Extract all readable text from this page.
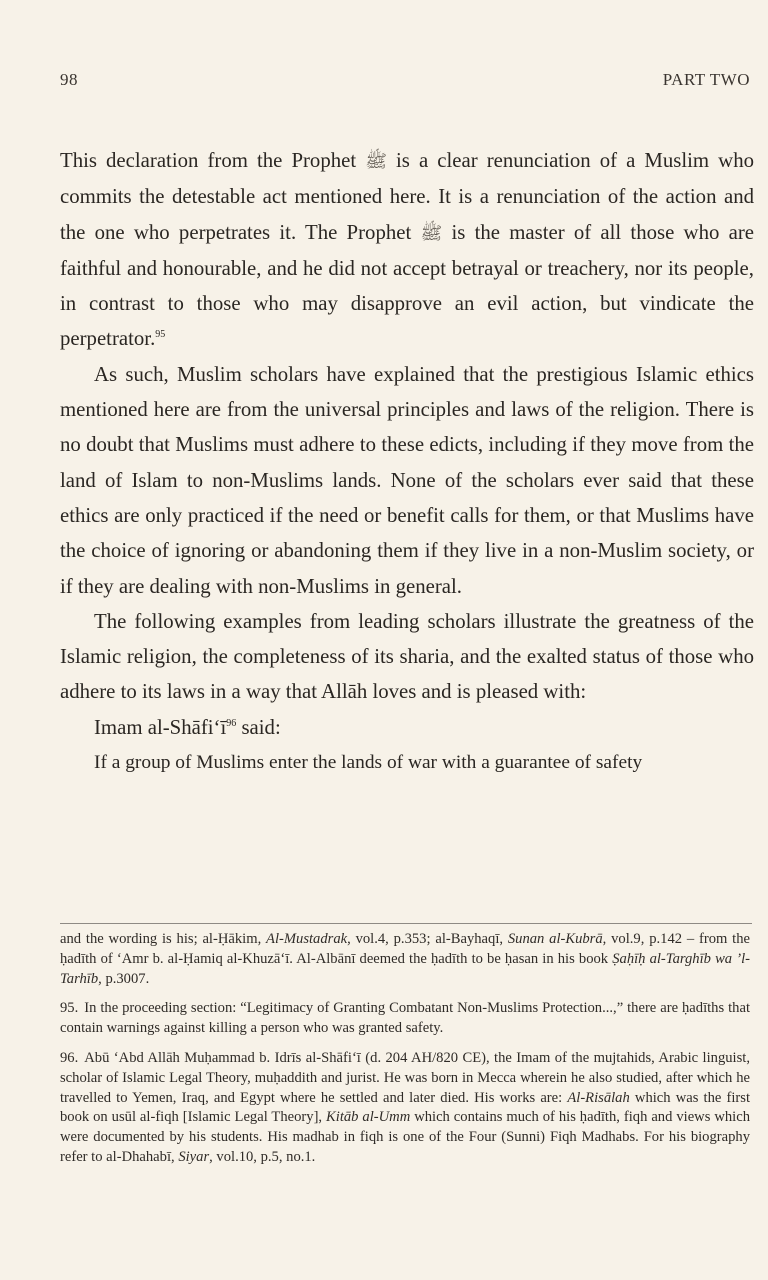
98	PART TWO

This declaration from the Prophet ﷺ is a clear renunciation of a Muslim who commits the detestable act mentioned here. It is a renunciation of the action and the one who perpetrates it. The Prophet ﷺ is the master of all those who are faithful and honourable, and he did not accept betrayal or treachery, nor its people, in contrast to those who may disapprove an evil action, but vindicate the perpetrator.$^{95}$

As such, Muslim scholars have explained that the prestigious Islamic ethics mentioned here are from the universal principles and laws of the religion. There is no doubt that Muslims must adhere to these edicts, including if they move from the land of Islam to non-Muslims lands. None of the scholars ever said that these ethics are only practiced if the need or benefit calls for them, or that Muslims have the choice of ignoring or abandoning them if they live in a non-Muslim society, or if they are dealing with non-Muslims in general.

The following examples from leading scholars illustrate the greatness of the Islamic religion, the completeness of its sharia, and the exalted status of those who adhere to its laws in a way that Allāh loves and is pleased with:

Imam $al-Shāfi‘ī^{96}$ said:

If a group of Muslims enter the lands of war with a guarantee of safety

and the wording is his; al-Ḥākim, Al-Mustadrak, vol.4, p.353; al-Bayhaqī, Sunan al-Kubrā, vol.9, p.142 – from the ḥadīth of ‘Amr b. al-Ḥamiq al-Khuzā‘ī. Al-Albānī deemed the ḥadīth to be ḥasan in his book Ṣaḥīḥ al-Targhīb wa ’l-Tarhīb, p.3007.

95. In the proceeding section: “Legitimacy of Granting Combatant Non-Muslims Protection...,” there are ḥadīths that contain warnings against killing a person who was granted safety.

96. Abū ‘Abd Allāh Muḥammad b. Idrīs al-Shāfi‘ī (d. 204 AH/820 CE), the Imam of the mujtahids, Arabic linguist, scholar of Islamic Legal Theory, muḥaddith and jurist. He was born in Mecca wherein he also studied, after which he travelled to Yemen, Iraq, and Egypt where he settled and later died. His works are: Al-Risālah which was the first book on usūl al-fiqh [Islamic Legal Theory], Kitāb al-Umm which contains much of his ḥadīth, fiqh and views which were documented by his students. His madhab in fiqh is one of the Four (Sunni) Fiqh Madhabs. For his biography refer to al-Dhahabī, Siyar, vol.10, p.5, no.1.
